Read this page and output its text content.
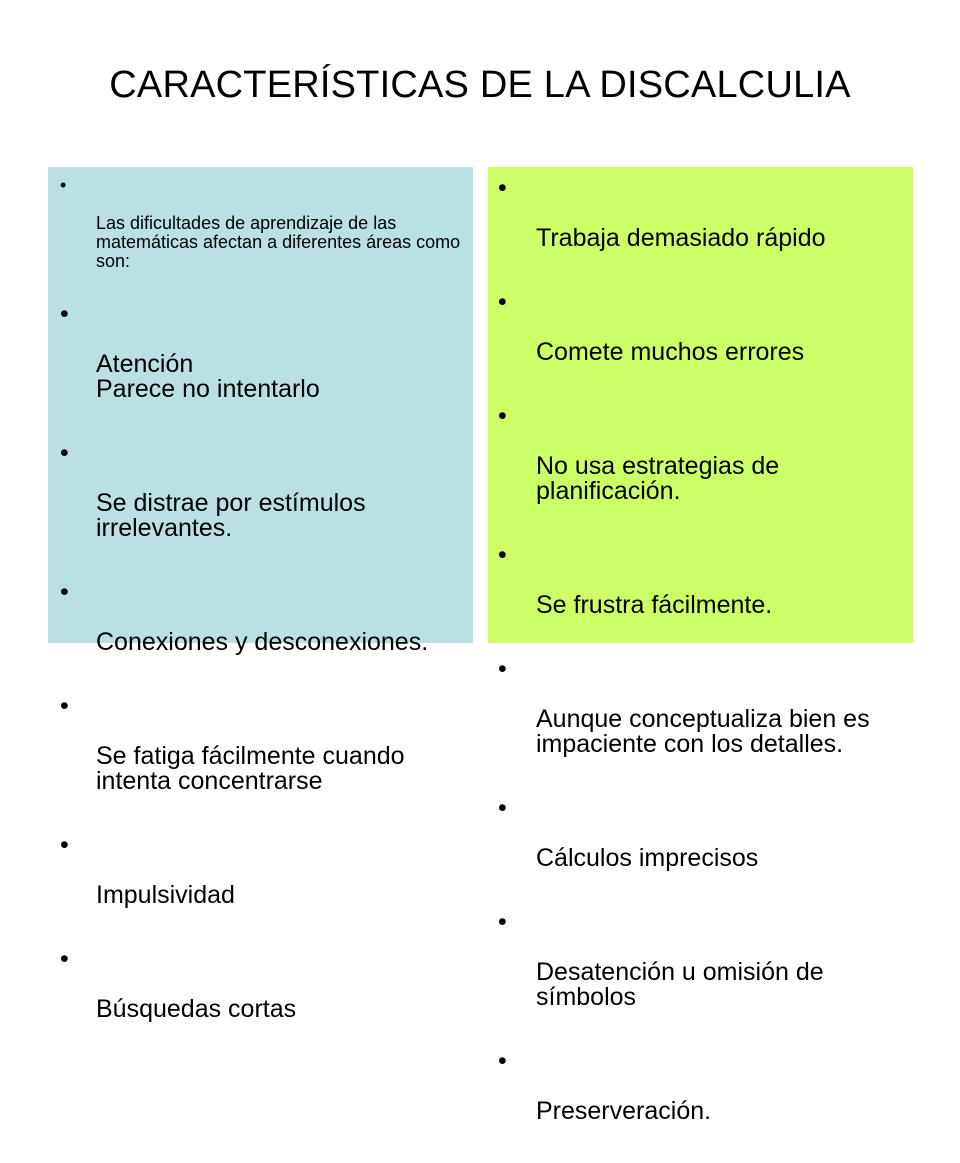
CARACTERÍSTICAS DE LA DISCALCULIA

•

Las dificultades de aprendizaje de las matemáticas afectan a diferentes áreas como son:

•

Atención
Parece no intentarlo

•

Se distrae por estímulos irrelevantes.

•

Conexiones y desconexiones.

•

Se fatiga fácilmente cuando intenta concentrarse

•

Impulsividad

•

Búsquedas cortas

•

Trabaja demasiado rápido

•

Comete muchos errores

•

No usa estrategias de planificación.

•

Se frustra fácilmente.

•

Aunque conceptualiza bien es impaciente con los detalles.

•

Cálculos imprecisos

•

Desatención u omisión de símbolos

•

Preserveración.
